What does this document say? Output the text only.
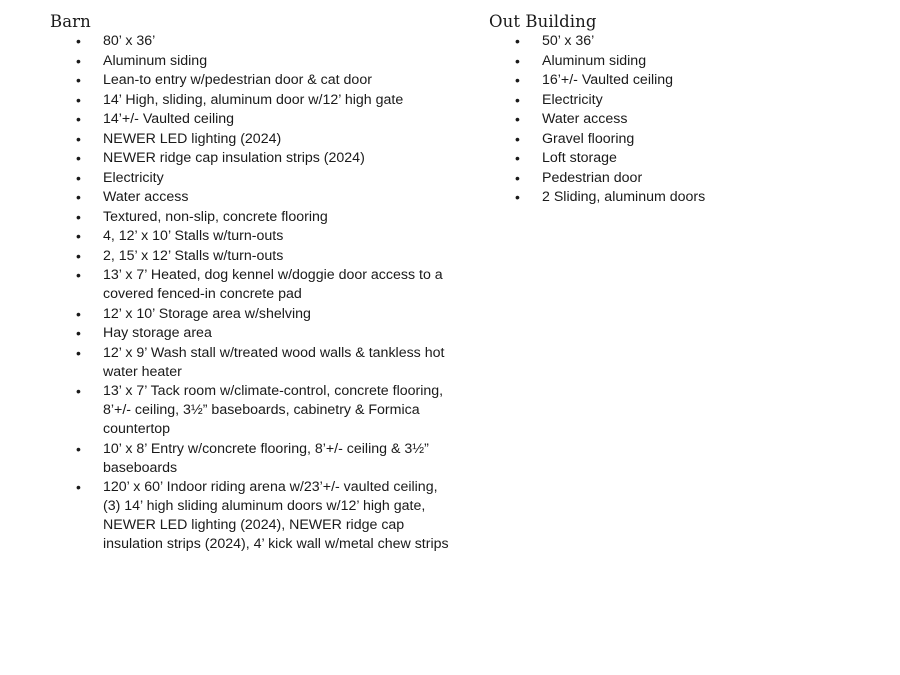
Barn
• 80’ x 36’
• Aluminum siding
• Lean-to entry w/pedestrian door & cat door
• 14’ High, sliding, aluminum door w/12’ high gate
• 14’+/- Vaulted ceiling
• NEWER LED lighting (2024)
• NEWER ridge cap insulation strips (2024)
• Electricity
• Water access
• Textured, non-slip, concrete flooring
• 4, 12’ x 10’ Stalls w/turn-outs
• 2, 15’ x 12’ Stalls w/turn-outs
• 13’ x 7’ Heated, dog kennel w/doggie door access to a covered fenced-in concrete pad
• 12’ x 10’ Storage area w/shelving
• Hay storage area
• 12’ x 9’ Wash stall w/treated wood walls & tankless hot water heater
• 13’ x 7’ Tack room w/climate-control, concrete flooring, 8’+/- ceiling, 3½” baseboards, cabinetry & Formica countertop
• 10’ x 8’ Entry w/concrete flooring, 8’+/- ceiling & 3½” baseboards
• 120’ x 60’ Indoor riding arena w/23’+/- vaulted ceiling, (3) 14’ high sliding aluminum doors w/12’ high gate, NEWER LED lighting (2024), NEWER ridge cap insulation strips (2024), 4’ kick wall w/metal chew strips
Out Building
• 50’ x 36’
• Aluminum siding
• 16’+/- Vaulted ceiling
• Electricity
• Water access
• Gravel flooring
• Loft storage
• Pedestrian door
• 2 Sliding, aluminum doors
